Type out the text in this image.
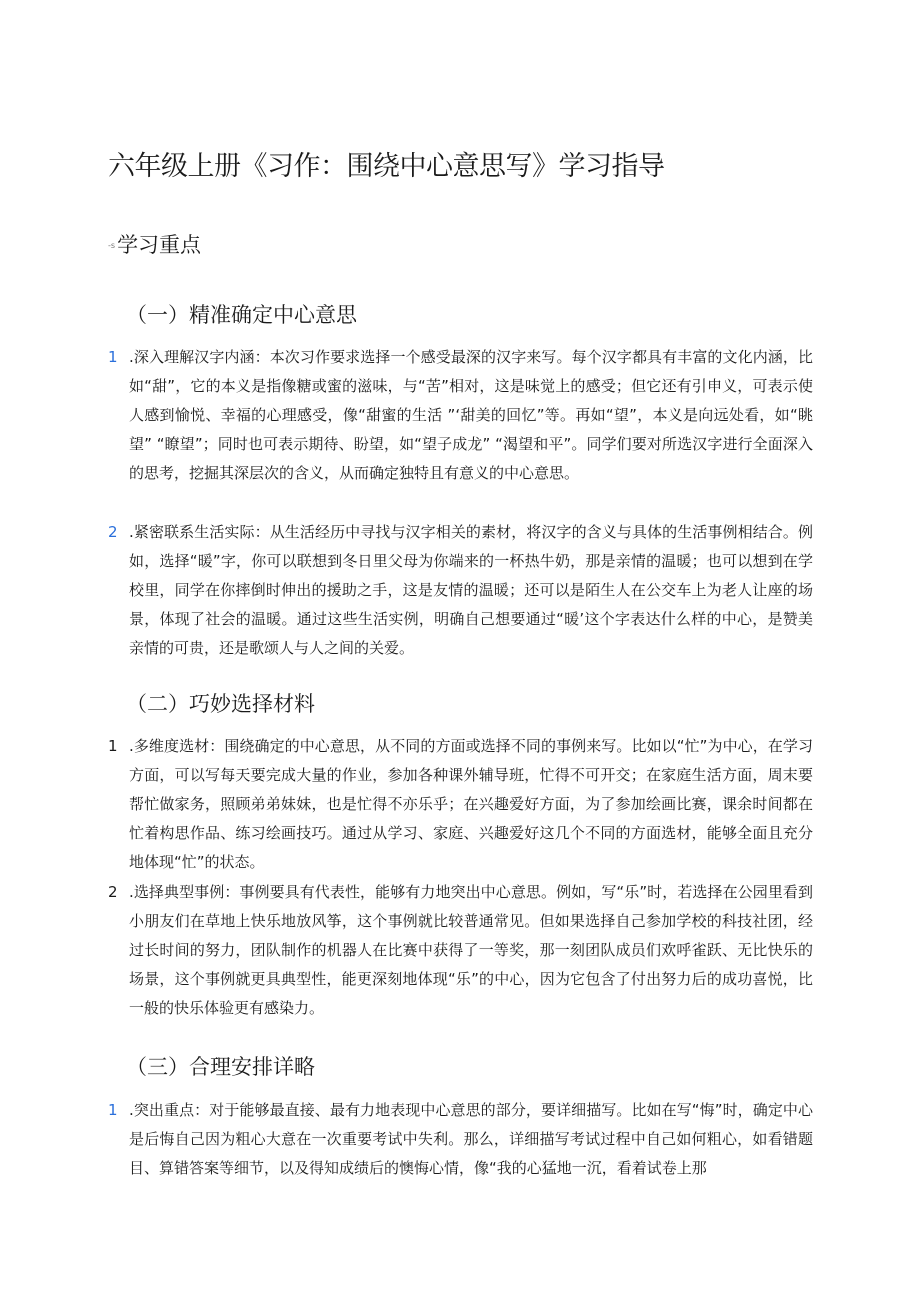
六年级上册《习作：围绕中心意思写》学习指导
-s学习重点
（一）精准确定中心意思
1 .深入理解汉字内涵：本次习作要求选择一个感受最深的汉字来写。每个汉字都具有丰富的文化内涵，比如“甜”，它的本义是指像糖或蜜的滋味，与“苦”相对，这是味觉上的感受；但它还有引申义，可表示使人感到愉悦、幸福的心理感受，像“甜蜜的生活 ”‘甜美的回忆”等。再如“望”，本义是向远处看，如“眺望” “瞭望”；同时也可表示期待、盼望，如“望子成龙” “渴望和平”。同学们要对所选汉字进行全面深入的思考，挖掘其深层次的含义，从而确定独特且有意义的中心意思。
2 .紧密联系生活实际：从生活经历中寻找与汉字相关的素材，将汉字的含义与具体的生活事例相结合。例如，选择“暖”字，你可以联想到冬日里父母为你端来的一杯热牛奶，那是亲情的温暖；也可以想到在学校里，同学在你摔倒时伸出的援助之手，这是友情的温暖；还可以是陌生人在公交车上为老人让座的场景，体现了社会的温暖。通过这些生活实例，明确自己想要通过“暖’这个字表达什么样的中心，是赞美亲情的可贵，还是歌颂人与人之间的关爱。
（二）巧妙选择材料
1 .多维度选材：围绕确定的中心意思，从不同的方面或选择不同的事例来写。比如以“忙”为中心，在学习方面，可以写每天要完成大量的作业，参加各种课外辅导班，忙得不可开交；在家庭生活方面，周末要帮忙做家务，照顾弟弟妹妹，也是忙得不亦乐乎；在兴趣爱好方面，为了参加绘画比赛，课余时间都在忙着构思作品、练习绘画技巧。通过从学习、家庭、兴趣爱好这几个不同的方面选材，能够全面且充分地体现“忙”的状态。
2 .选择典型事例：事例要具有代表性，能够有力地突出中心意思。例如，写“乐”时，若选择在公园里看到小朋友们在草地上快乐地放风筝，这个事例就比较普通常见。但如果选择自己参加学校的科技社团，经过长时间的努力，团队制作的机器人在比赛中获得了一等奖，那一刻团队成员们欢呼雀跃、无比快乐的场景，这个事例就更具典型性，能更深刻地体现“乐”的中心，因为它包含了付出努力后的成功喜悦，比一般的快乐体验更有感染力。
（三）合理安排详略
1 .突出重点：对于能够最直接、最有力地表现中心意思的部分，要详细描写。比如在写“悔”时，确定中心是后悔自己因为粗心大意在一次重要考试中失利。那么，详细描写考试过程中自己如何粗心，如看错题目、算错答案等细节，以及得知成绩后的懊悔心情，像“我的心猛地一沉，看着试卷上那
